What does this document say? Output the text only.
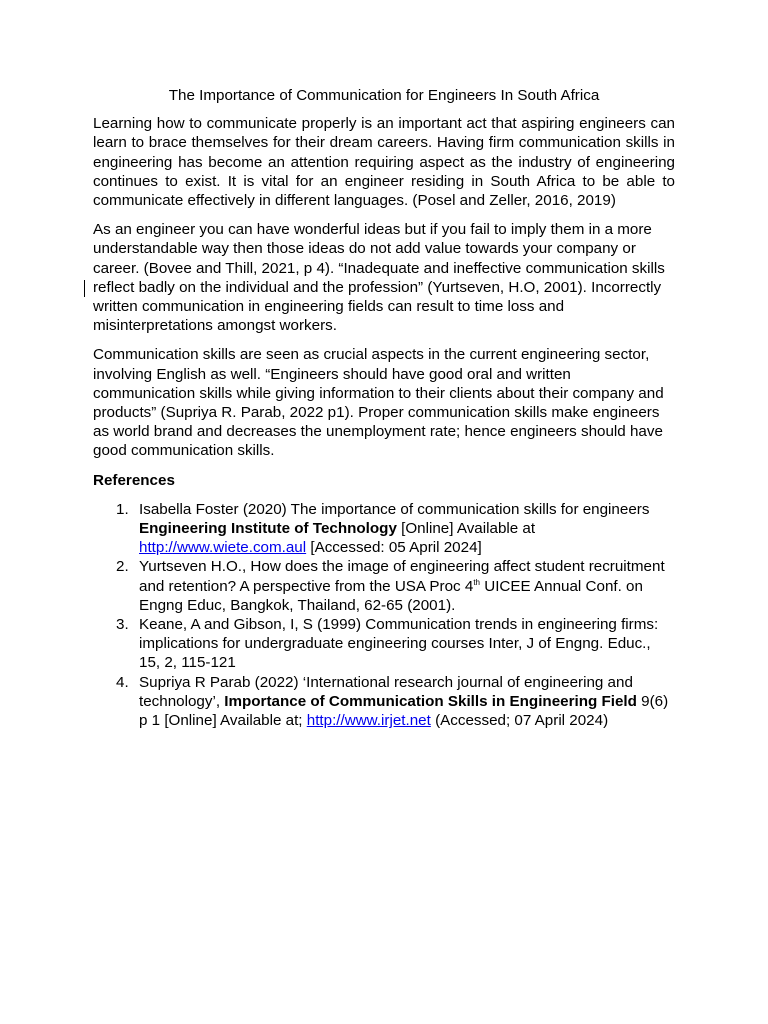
The Importance of Communication for Engineers In South Africa

Learning how to communicate properly is an important act that aspiring engineers can learn to brace themselves for their dream careers. Having firm communication skills in engineering has become an attention requiring aspect as the industry of engineering continues to exist. It is vital for an engineer residing in South Africa to be able to communicate effectively in different languages. (Posel and Zeller, 2016, 2019)

As an engineer you can have wonderful ideas but if you fail to imply them in a more understandable way then those ideas do not add value towards your company or career. (Bovee and Thill, 2021, p 4). “Inadequate and ineffective communication skills reflect badly on the individual and the profession” (Yurtseven, H.O, 2001). Incorrectly written communication in engineering fields can result to time loss and misinterpretations amongst workers.

Communication skills are seen as crucial aspects in the current engineering sector, involving English as well. “Engineers should have good oral and written communication skills while giving information to their clients about their company and products” (Supriya R. Parab, 2022 p1). Proper communication skills make engineers as world brand and decreases the unemployment rate; hence engineers should have good communication skills.

References
1. Isabella Foster (2020) The importance of communication skills for engineers Engineering Institute of Technology [Online] Available at http://www.wiete.com.aul [Accessed: 05 April 2024]
2. Yurtseven H.O., How does the image of engineering affect student recruitment and retention? A perspective from the USA Proc 4th UICEE Annual Conf. on Engng Educ, Bangkok, Thailand, 62-65 (2001).
3. Keane, A and Gibson, I, S (1999) Communication trends in engineering firms: implications for undergraduate engineering courses Inter, J of Engng. Educ., 15, 2, 115-121
4. Supriya R Parab (2022) ‘International research journal of engineering and technology’, Importance of Communication Skills in Engineering Field 9(6) p 1 [Online] Available at; http://www.irjet.net (Accessed; 07 April 2024)
